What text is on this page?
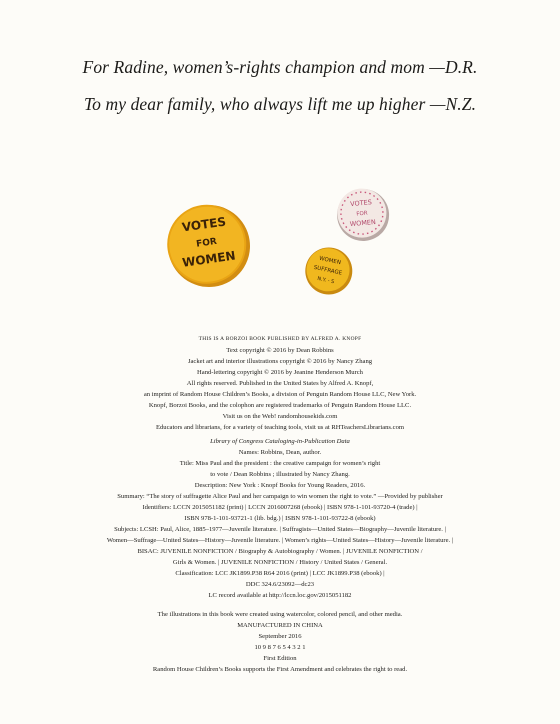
For Radine, women’s-rights champion and mom —D.R.
To my dear family, who always lift me up higher —N.Z.
VOTES
FOR
WOMEN	WOMEN
SUFFRAGE
N.Y. - S
VOTES
FOR
WOMEN
THIS IS A BORZOI BOOK PUBLISHED BY ALFRED A. KNOPF
Text copyright © 2016 by Dean Robbins
Jacket art and interior illustrations copyright © 2016 by Nancy Zhang
Hand-lettering copyright © 2016 by Jeanine Henderson Murch
All rights reserved. Published in the United States by Alfred A. Knopf,
an imprint of Random House Children’s Books, a division of Penguin Random House LLC, New York.
Knopf, Borzoi Books, and the colophon are registered trademarks of Penguin Random House LLC.
Visit us on the Web! randomhousekids.com
Educators and librarians, for a variety of teaching tools, visit us at RHTeachersLibrarians.com
Library of Congress Cataloging-in-Publication Data
Names: Robbins, Dean, author.
Title: Miss Paul and the president : the creative campaign for women’s right
to vote / Dean Robbins ; illustrated by Nancy Zhang.
Description: New York : Knopf Books for Young Readers, 2016.
Summary: “The story of suffragette Alice Paul and her campaign to win women the right to vote.” —Provided by publisher
Identifiers: LCCN 2015051182 (print) | LCCN 2016007268 (ebook) | ISBN 978-1-101-93720-4 (trade) |
ISBN 978-1-101-93721-1 (lib. bdg.) | ISBN 978-1-101-93722-8 (ebook)
Subjects: LCSH: Paul, Alice, 1885–1977—Juvenile literature. | Suffragists—United States—Biography—Juvenile literature. |
Women—Suffrage—United States—History—Juvenile literature. | Women’s rights—United States—History—Juvenile literature. |
BISAC: JUVENILE NONFICTION / Biography & Autobiography / Women. | JUVENILE NONFICTION /
Girls & Women. | JUVENILE NONFICTION / History / United States / General.
Classification: LCC JK1899.P38 R64 2016 (print) | LCC JK1899.P38 (ebook) |
DDC 324.6/23092—dc23
LC record available at http://lccn.loc.gov/2015051182
The illustrations in this book were created using watercolor, colored pencil, and other media.
MANUFACTURED IN CHINA
September 2016
10 9 8 7 6 5 4 3 2 1
First Edition
Random House Children’s Books supports the First Amendment and celebrates the right to read.
